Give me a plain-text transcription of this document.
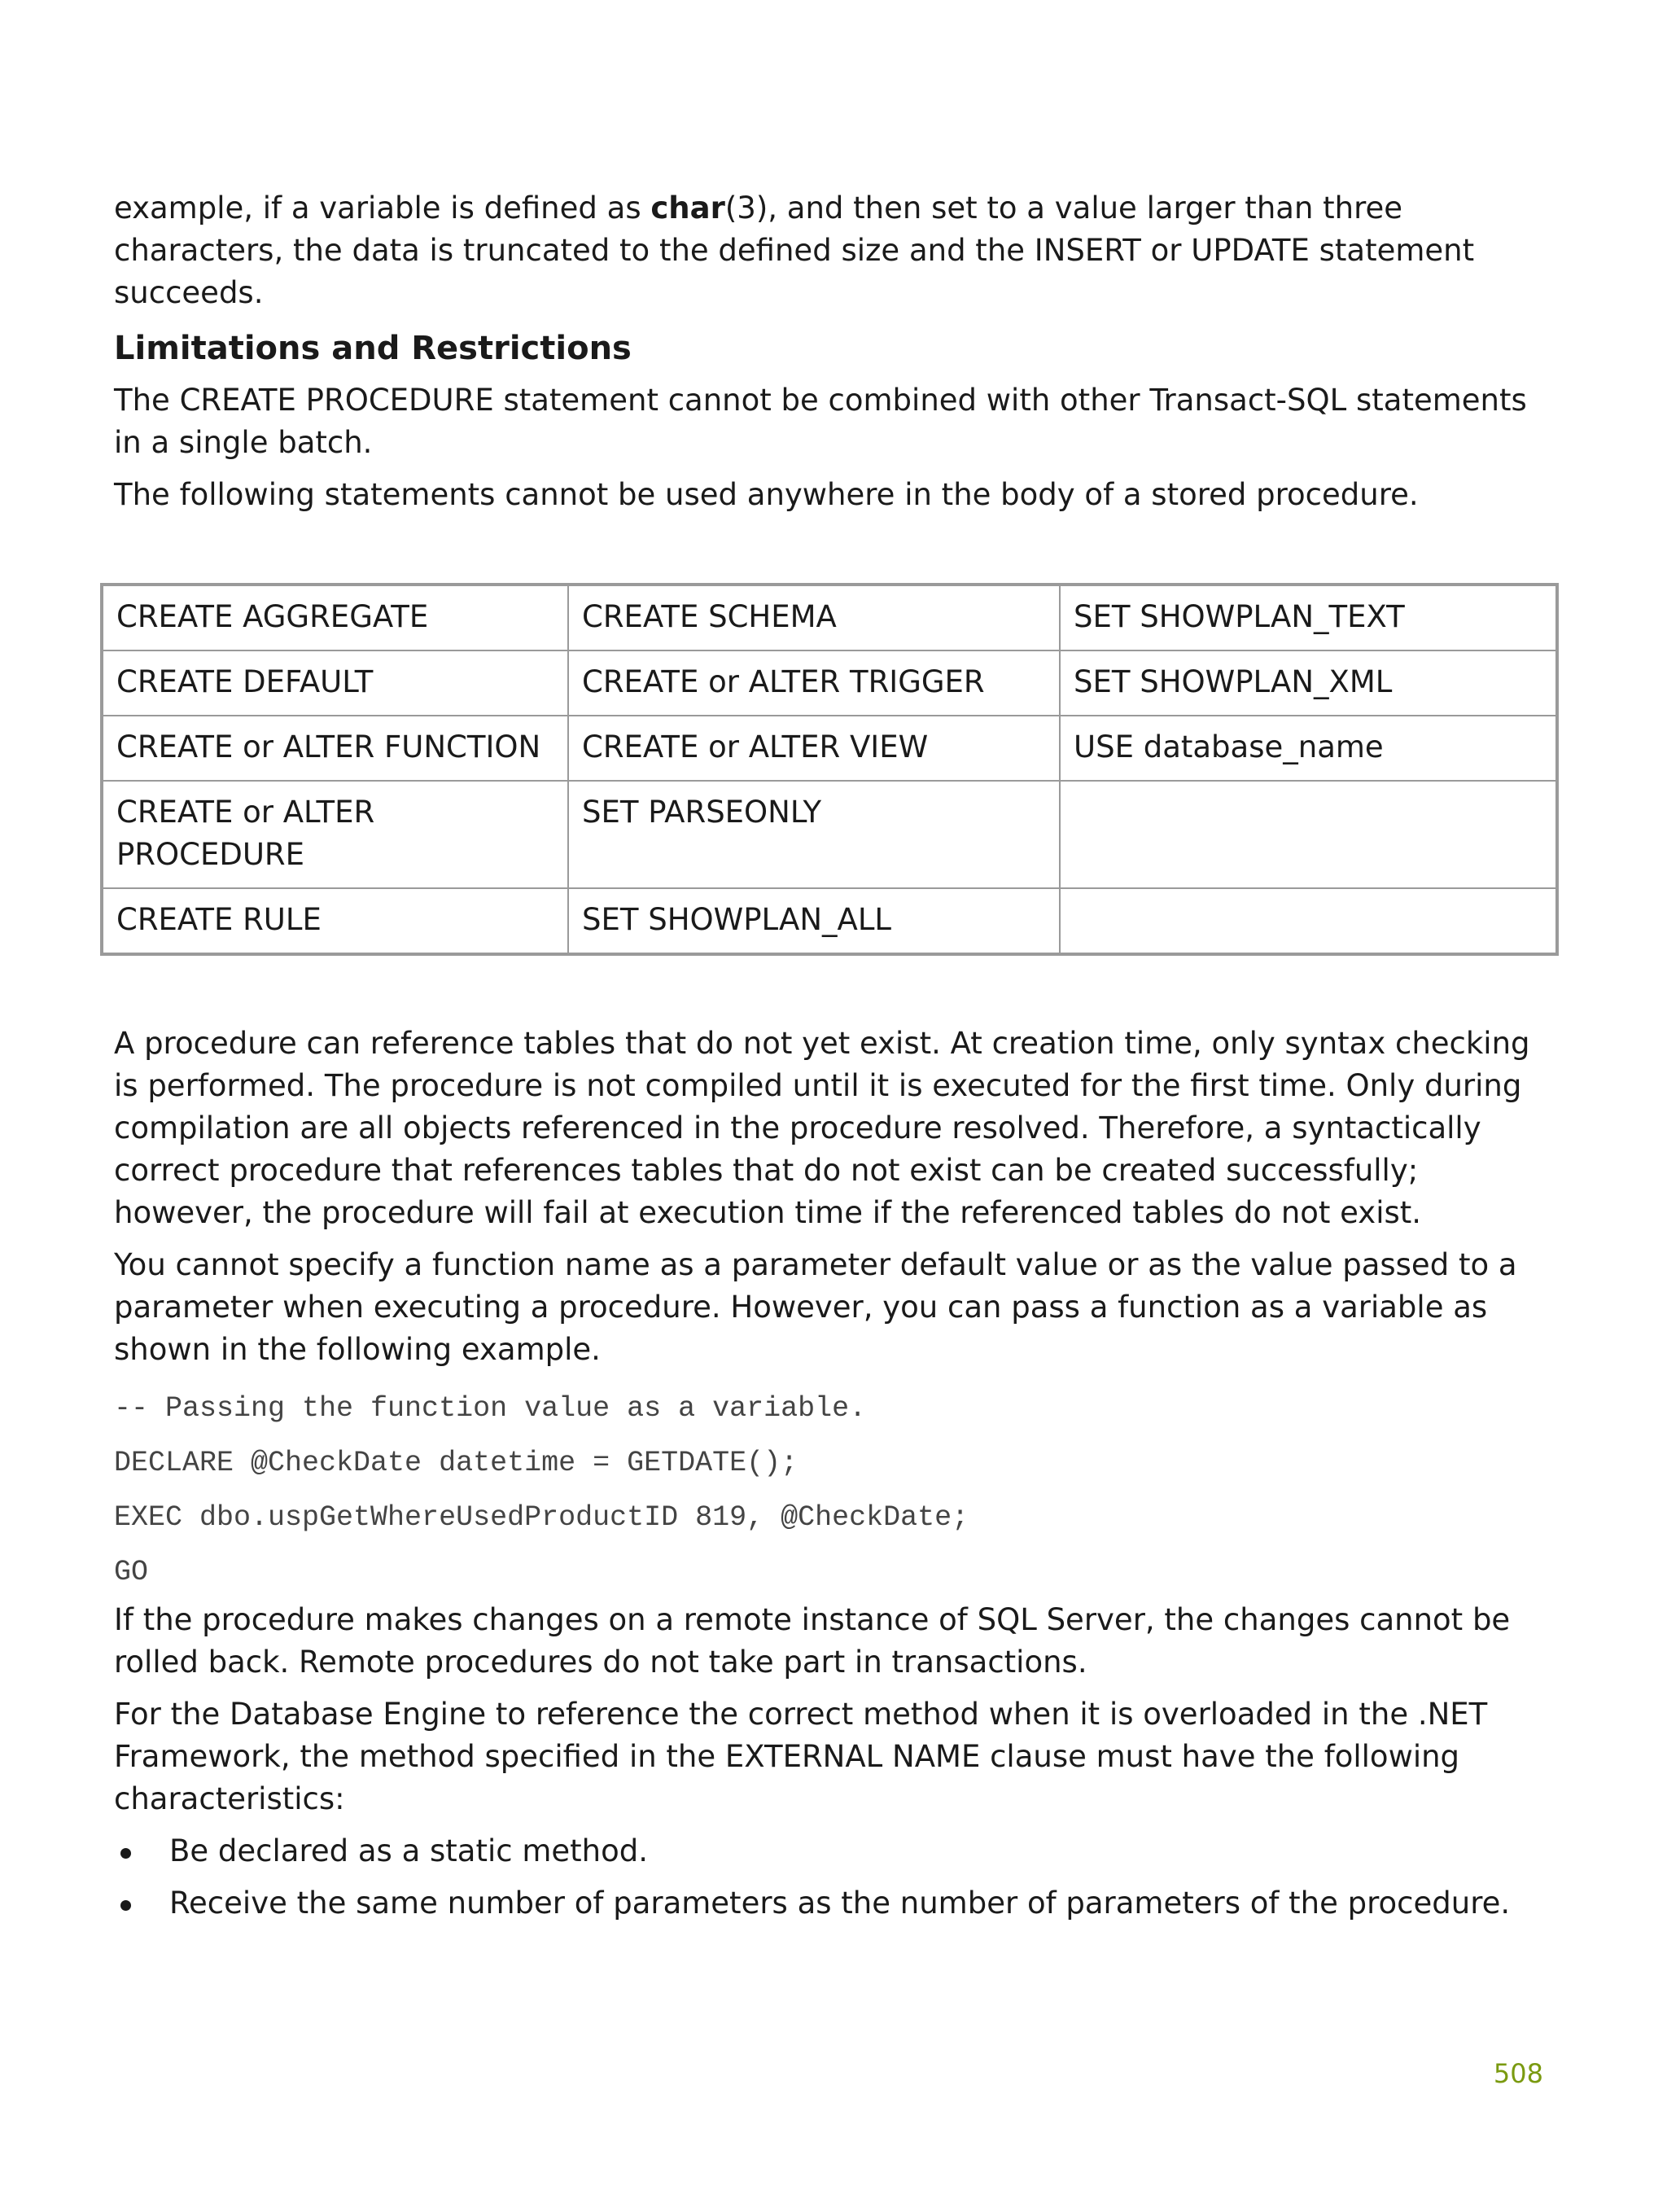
example, if a variable is defined as char(3), and then set to a value larger than three characters, the data is truncated to the defined size and the INSERT or UPDATE statement succeeds.

Limitations and Restrictions

The CREATE PROCEDURE statement cannot be combined with other Transact-SQL statements in a single batch.

The following statements cannot be used anywhere in the body of a stored procedure.

CREATE AGGREGATE	CREATE SCHEMA	SET SHOWPLAN_TEXT
CREATE DEFAULT	CREATE or ALTER TRIGGER	SET SHOWPLAN_XML
CREATE or ALTER FUNCTION	CREATE or ALTER VIEW	USE database_name
CREATE or ALTER PROCEDURE	SET PARSEONLY	
CREATE RULE	SET SHOWPLAN_ALL	

A procedure can reference tables that do not yet exist. At creation time, only syntax checking is performed. The procedure is not compiled until it is executed for the first time. Only during compilation are all objects referenced in the procedure resolved. Therefore, a syntactically correct procedure that references tables that do not exist can be created successfully; however, the procedure will fail at execution time if the referenced tables do not exist.

You cannot specify a function name as a parameter default value or as the value passed to a parameter when executing a procedure. However, you can pass a function as a variable as shown in the following example.

-- Passing the function value as a variable.
DECLARE @CheckDate datetime = GETDATE();
EXEC dbo.uspGetWhereUsedProductID 819, @CheckDate;
GO

If the procedure makes changes on a remote instance of SQL Server, the changes cannot be rolled back. Remote procedures do not take part in transactions.

For the Database Engine to reference the correct method when it is overloaded in the .NET Framework, the method specified in the EXTERNAL NAME clause must have the following characteristics:

Be declared as a static method.
Receive the same number of parameters as the number of parameters of the procedure.
508
